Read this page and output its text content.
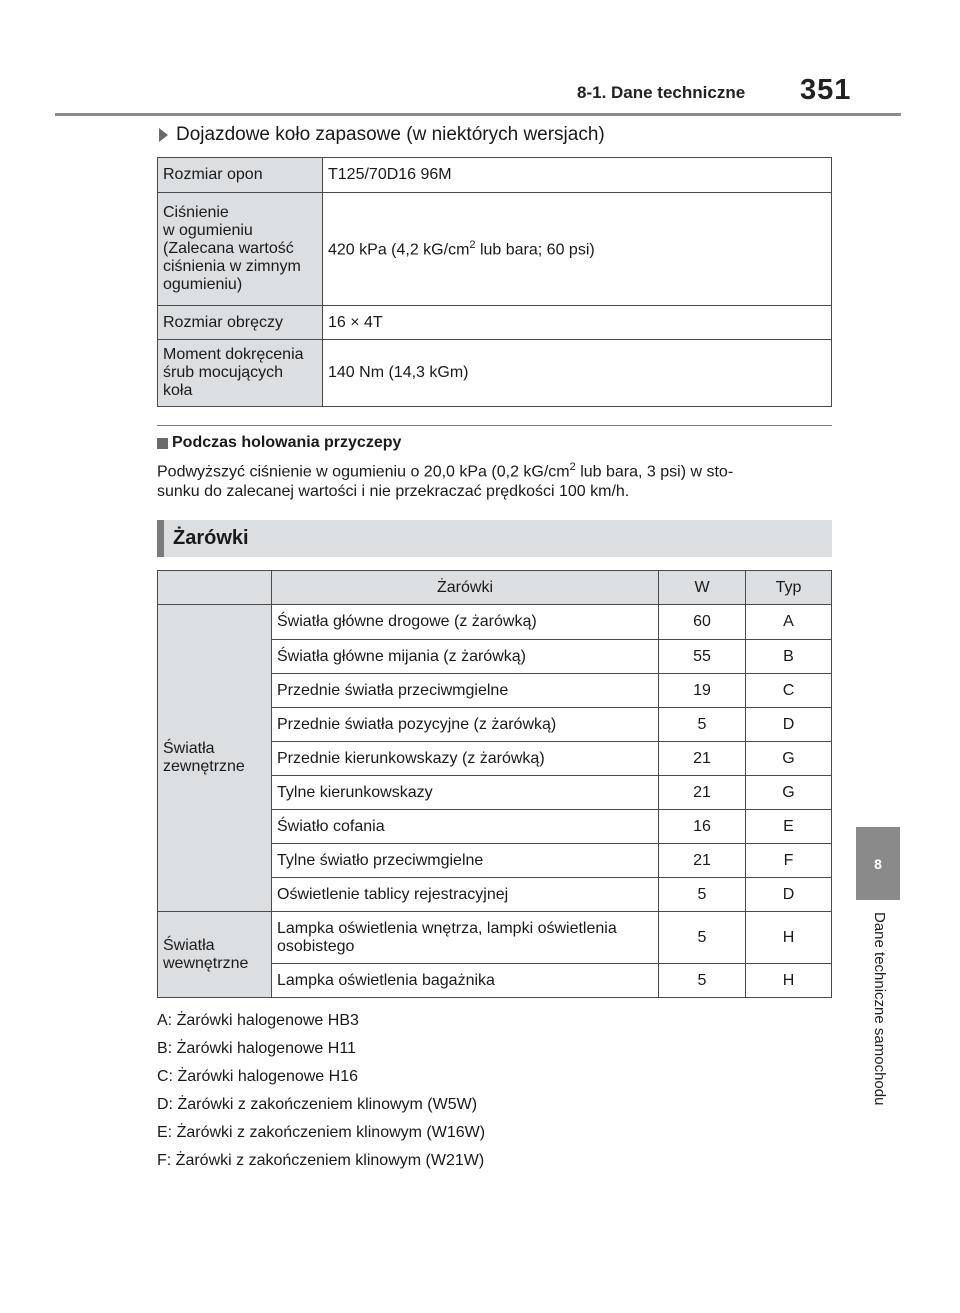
8-1. Dane techniczne 351
8
Dane techniczne samochodu
Dojazdowe koło zapasowe (w niektórych wersjach)
Rozmiar opon	T125/70D16 96M
Ciśnienie
w ogumieniu
(Zalecana wartość
ciśnienia w zimnym
ogumieniu)	420 kPa (4,2 $kG/cm^2$ lub bara; 60 psi)
Rozmiar obręczy	16 × 4T
Moment dokręcenia
śrub mocujących
koła	140 Nm (14,3 kGm)
Podczas holowania przyczepy
Podwyższyć ciśnienie w ogumieniu o 20,0 kPa (0,2 $kG/cm^2$ lub bara, 3 psi) w sto-
sunku do zalecanej wartości i nie przekraczać prędkości 100 km/h.
Żarówki
	Żarówki	W	Typ
Światła
zewnętrzne	Światła główne drogowe (z żarówką)	60	A
	Światła główne mijania (z żarówką)	55	B
	Przednie światła przeciwmgielne	19	C
	Przednie światła pozycyjne (z żarówką)	5	D
	Przednie kierunkowskazy (z żarówką)	21	G
	Tylne kierunkowskazy	21	G
	Światło cofania	16	E
	Tylne światło przeciwmgielne	21	F
	Oświetlenie tablicy rejestracyjnej	5	D
Światła
wewnętrzne	Lampka oświetlenia wnętrza, lampki oświetlenia
osobistego	5	H
	Lampka oświetlenia bagażnika	5	H
A: Żarówki halogenowe HB3
B: Żarówki halogenowe H11
C: Żarówki halogenowe H16
D: Żarówki z zakończeniem klinowym (W5W)
E: Żarówki z zakończeniem klinowym (W16W)
F: Żarówki z zakończeniem klinowym (W21W)
